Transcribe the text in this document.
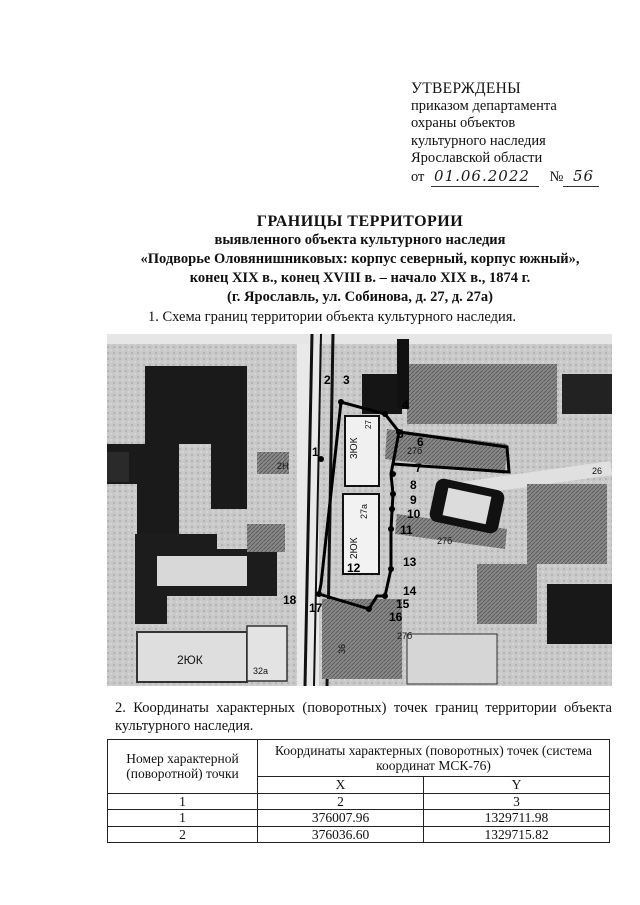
УТВЕРЖДЕНЫ
приказом департамента
охраны объектов
культурного наследия
Ярославской области
от 01.06.2022 № 56
ГРАНИЦЫ ТЕРРИТОРИИ
выявленного объекта культурного наследия
«Подворье Оловянишниковых: корпус северный, корпус южный»,
конец XIX в., конец XVIII в. – начало XIX в., 1874 г.
(г. Ярославль, ул. Собинова, д. 27, д. 27а)
1. Схема границ территории объекта культурного наследия.
3ЮК
27
27а
2ЮК
2ЮК
32а
27б
27б
2Н
27б
26
36
1
2 3
4
5
6
7
8
9
10
11
12	13
14
15
16
17
18
2. Координаты характерных (поворотных) точек границ территории объекта культурного наследия.
Номер характерной (поворотной) точки	Координаты характерных (поворотных) точек (система координат МСК-76)	
	X	Y
1	2	3
1	376007.96	1329711.98
2	376036.60	1329715.82
